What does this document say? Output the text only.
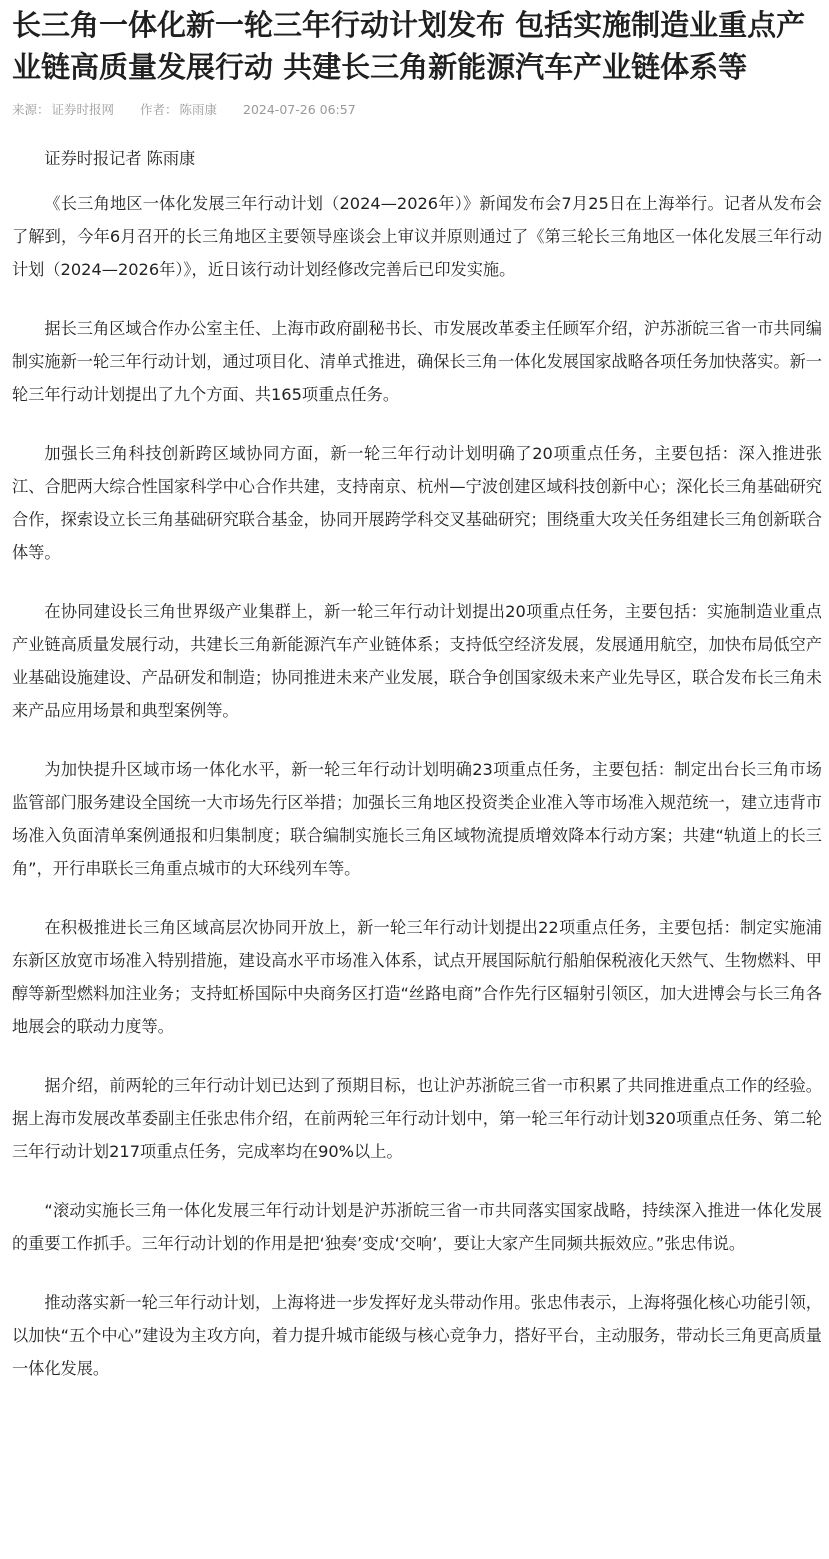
长三角一体化新一轮三年行动计划发布 包括实施制造业重点产业链高质量发展行动 共建长三角新能源汽车产业链体系等
来源： 证券时报网 作者： 陈雨康 2024-07-26 06:57

证券时报记者 陈雨康

《长三角地区一体化发展三年行动计划（2024—2026年）》新闻发布会7月25日在上海举行。记者从发布会了解到，今年6月召开的长三角地区主要领导座谈会上审议并原则通过了《第三轮长三角地区一体化发展三年行动计划（2024—2026年）》，近日该行动计划经修改完善后已印发实施。

据长三角区域合作办公室主任、上海市政府副秘书长、市发展改革委主任顾军介绍，沪苏浙皖三省一市共同编制实施新一轮三年行动计划，通过项目化、清单式推进，确保长三角一体化发展国家战略各项任务加快落实。新一轮三年行动计划提出了九个方面、共165项重点任务。

加强长三角科技创新跨区域协同方面，新一轮三年行动计划明确了20项重点任务，主要包括：深入推进张江、合肥两大综合性国家科学中心合作共建，支持南京、杭州—宁波创建区域科技创新中心；深化长三角基础研究合作，探索设立长三角基础研究联合基金，协同开展跨学科交叉基础研究；围绕重大攻关任务组建长三角创新联合体等。

在协同建设长三角世界级产业集群上，新一轮三年行动计划提出20项重点任务，主要包括：实施制造业重点产业链高质量发展行动，共建长三角新能源汽车产业链体系；支持低空经济发展，发展通用航空，加快布局低空产业基础设施建设、产品研发和制造；协同推进未来产业发展，联合争创国家级未来产业先导区，联合发布长三角未来产品应用场景和典型案例等。

为加快提升区域市场一体化水平，新一轮三年行动计划明确23项重点任务，主要包括：制定出台长三角市场监管部门服务建设全国统一大市场先行区举措；加强长三角地区投资类企业准入等市场准入规范统一，建立违背市场准入负面清单案例通报和归集制度；联合编制实施长三角区域物流提质增效降本行动方案；共建“轨道上的长三角”，开行串联长三角重点城市的大环线列车等。

在积极推进长三角区域高层次协同开放上，新一轮三年行动计划提出22项重点任务，主要包括：制定实施浦东新区放宽市场准入特别措施，建设高水平市场准入体系，试点开展国际航行船舶保税液化天然气、生物燃料、甲醇等新型燃料加注业务；支持虹桥国际中央商务区打造“丝路电商”合作先行区辐射引领区，加大进博会与长三角各地展会的联动力度等。

据介绍，前两轮的三年行动计划已达到了预期目标，也让沪苏浙皖三省一市积累了共同推进重点工作的经验。据上海市发展改革委副主任张忠伟介绍，在前两轮三年行动计划中，第一轮三年行动计划320项重点任务、第二轮三年行动计划217项重点任务，完成率均在90%以上。

“滚动实施长三角一体化发展三年行动计划是沪苏浙皖三省一市共同落实国家战略，持续深入推进一体化发展的重要工作抓手。三年行动计划的作用是把‘独奏’变成‘交响’，要让大家产生同频共振效应。”张忠伟说。

推动落实新一轮三年行动计划，上海将进一步发挥好龙头带动作用。张忠伟表示，上海将强化核心功能引领，以加快“五个中心”建设为主攻方向，着力提升城市能级与核心竞争力，搭好平台，主动服务，带动长三角更高质量一体化发展。
